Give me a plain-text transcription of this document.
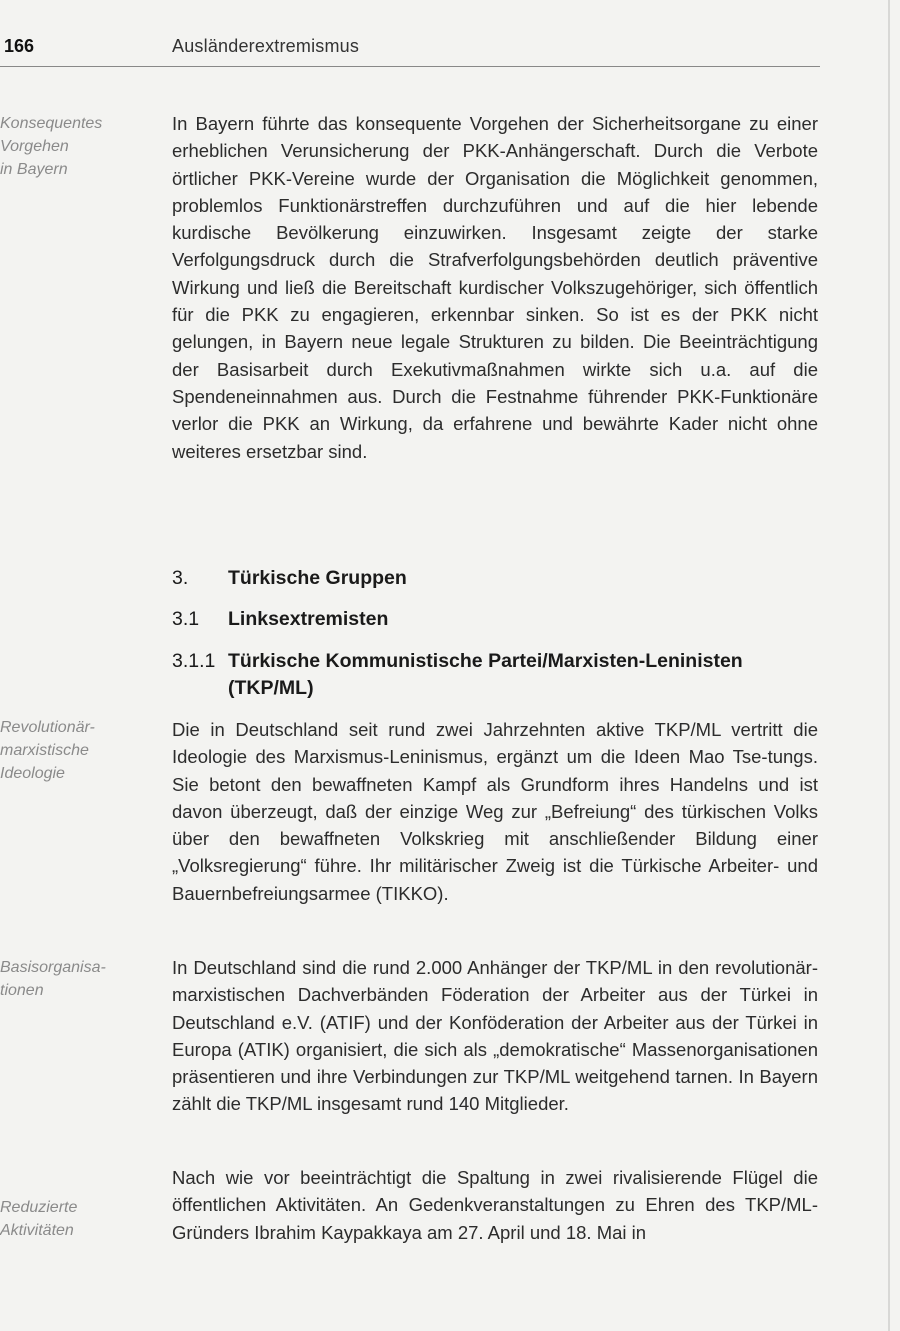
166	Ausländerextremismus
Konsequentes
Vorgehen
in Bayern
In Bayern führte das konsequente Vorgehen der Sicherheitsorgane zu einer erheblichen Verunsicherung der PKK-Anhängerschaft. Durch die Verbote örtlicher PKK-Vereine wurde der Organisation die Möglichkeit genommen, problemlos Funktionärstreffen durchzuführen und auf die hier lebende kurdische Bevölkerung einzuwirken. Insgesamt zeigte der starke Verfolgungsdruck durch die Strafverfolgungsbehörden deutlich präventive Wirkung und ließ die Bereitschaft kurdischer Volkszugehöriger, sich öffentlich für die PKK zu engagieren, erkennbar sinken. So ist es der PKK nicht gelungen, in Bayern neue legale Strukturen zu bilden. Die Beeinträchtigung der Basisarbeit durch Exekutivmaßnahmen wirkte sich u.a. auf die Spendeneinnahmen aus. Durch die Festnahme führender PKK-Funktionäre verlor die PKK an Wirkung, da erfahrene und bewährte Kader nicht ohne weiteres ersetzbar sind.
3. Türkische Gruppen
3.1 Linksextremisten
3.1.1 Türkische Kommunistische Partei/Marxisten-Leninisten (TKP/ML)
Revolutionär-
marxistische
Ideologie
Die in Deutschland seit rund zwei Jahrzehnten aktive TKP/ML vertritt die Ideologie des Marxismus-Leninismus, ergänzt um die Ideen Mao Tse-tungs. Sie betont den bewaffneten Kampf als Grundform ihres Handelns und ist davon überzeugt, daß der einzige Weg zur „Befreiung“ des türkischen Volks über den bewaffneten Volkskrieg mit anschließender Bildung einer „Volksregierung“ führe. Ihr militärischer Zweig ist die Türkische Arbeiter- und Bauernbefreiungsarmee (TIKKO).
Basisorganisa-
tionen
In Deutschland sind die rund 2.000 Anhänger der TKP/ML in den revolutionär-marxistischen Dachverbänden Föderation der Arbeiter aus der Türkei in Deutschland e.V. (ATIF) und der Konföderation der Arbeiter aus der Türkei in Europa (ATIK) organisiert, die sich als „demokratische“ Massenorganisationen präsentieren und ihre Verbindungen zur TKP/ML weitgehend tarnen. In Bayern zählt die TKP/ML insgesamt rund 140 Mitglieder.
Reduzierte
Aktivitäten
Nach wie vor beeinträchtigt die Spaltung in zwei rivalisierende Flügel die öffentlichen Aktivitäten. An Gedenkveranstaltungen zu Ehren des TKP/ML-Gründers Ibrahim Kaypakkaya am 27. April und 18. Mai in
